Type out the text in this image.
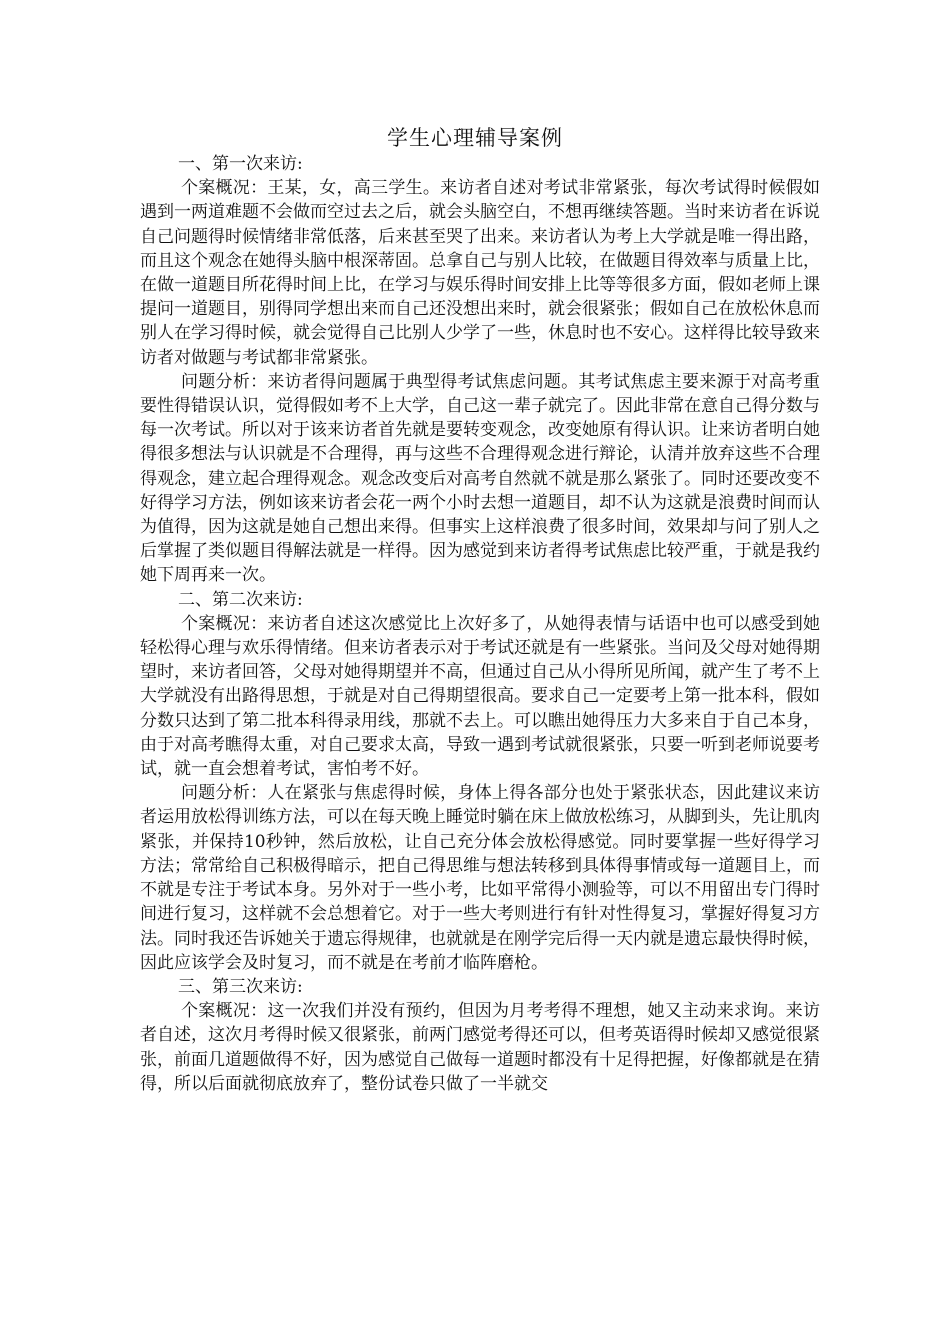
学生心理辅导案例

一、第一次来访:

个案概况：王某，女，高三学生。来访者自述对考试非常紧张，每次考试得时候假如遇到一两道难题不会做而空过去之后，就会头脑空白，不想再继续答题。当时来访者在诉说自己问题得时候情绪非常低落，后来甚至哭了出来。来访者认为考上大学就是唯一得出路，而且这个观念在她得头脑中根深蒂固。总拿自己与别人比较，在做题目得效率与质量上比，在做一道题目所花得时间上比，在学习与娱乐得时间安排上比等等很多方面，假如老师上课提问一道题目，别得同学想出来而自己还没想出来时，就会很紧张；假如自己在放松休息而别人在学习得时候，就会觉得自己比别人少学了一些，休息时也不安心。这样得比较导致来访者对做题与考试都非常紧张。

问题分析：来访者得问题属于典型得考试焦虑问题。其考试焦虑主要来源于对高考重要性得错误认识，觉得假如考不上大学，自己这一辈子就完了。因此非常在意自己得分数与每一次考试。所以对于该来访者首先就是要转变观念，改变她原有得认识。让来访者明白她得很多想法与认识就是不合理得，再与这些不合理得观念进行辩论，认清并放弃这些不合理得观念，建立起合理得观念。观念改变后对高考自然就不就是那么紧张了。同时还要改变不好得学习方法，例如该来访者会花一两个小时去想一道题目，却不认为这就是浪费时间而认为值得，因为这就是她自己想出来得。但事实上这样浪费了很多时间，效果却与问了别人之后掌握了类似题目得解法就是一样得。因为感觉到来访者得考试焦虑比较严重，于就是我约她下周再来一次。

二、第二次来访:

个案概况：来访者自述这次感觉比上次好多了，从她得表情与话语中也可以感受到她轻松得心理与欢乐得情绪。但来访者表示对于考试还就是有一些紧张。当问及父母对她得期望时，来访者回答，父母对她得期望并不高，但通过自己从小得所见所闻，就产生了考不上大学就没有出路得思想，于就是对自己得期望很高。要求自己一定要考上第一批本科，假如分数只达到了第二批本科得录用线，那就不去上。可以瞧出她得压力大多来自于自己本身，由于对高考瞧得太重，对自己要求太高，导致一遇到考试就很紧张，只要一听到老师说要考试，就一直会想着考试，害怕考不好。

问题分析：人在紧张与焦虑得时候，身体上得各部分也处于紧张状态，因此建议来访者运用放松得训练方法，可以在每天晚上睡觉时躺在床上做放松练习，从脚到头，先让肌肉紧张，并保持10秒钟，然后放松，让自己充分体会放松得感觉。同时要掌握一些好得学习方法；常常给自己积极得暗示，把自己得思维与想法转移到具体得事情或每一道题目上，而不就是专注于考试本身。另外对于一些小考，比如平常得小测验等，可以不用留出专门得时间进行复习，这样就不会总想着它。对于一些大考则进行有针对性得复习，掌握好得复习方法。同时我还告诉她关于遗忘得规律，也就就是在刚学完后得一天内就是遗忘最快得时候，因此应该学会及时复习，而不就是在考前才临阵磨枪。

三、第三次来访:

个案概况：这一次我们并没有预约，但因为月考考得不理想，她又主动来求询。来访者自述，这次月考得时候又很紧张，前两门感觉考得还可以，但考英语得时候却又感觉很紧张，前面几道题做得不好，因为感觉自己做每一道题时都没有十足得把握，好像都就是在猜得，所以后面就彻底放弃了，整份试卷只做了一半就交
